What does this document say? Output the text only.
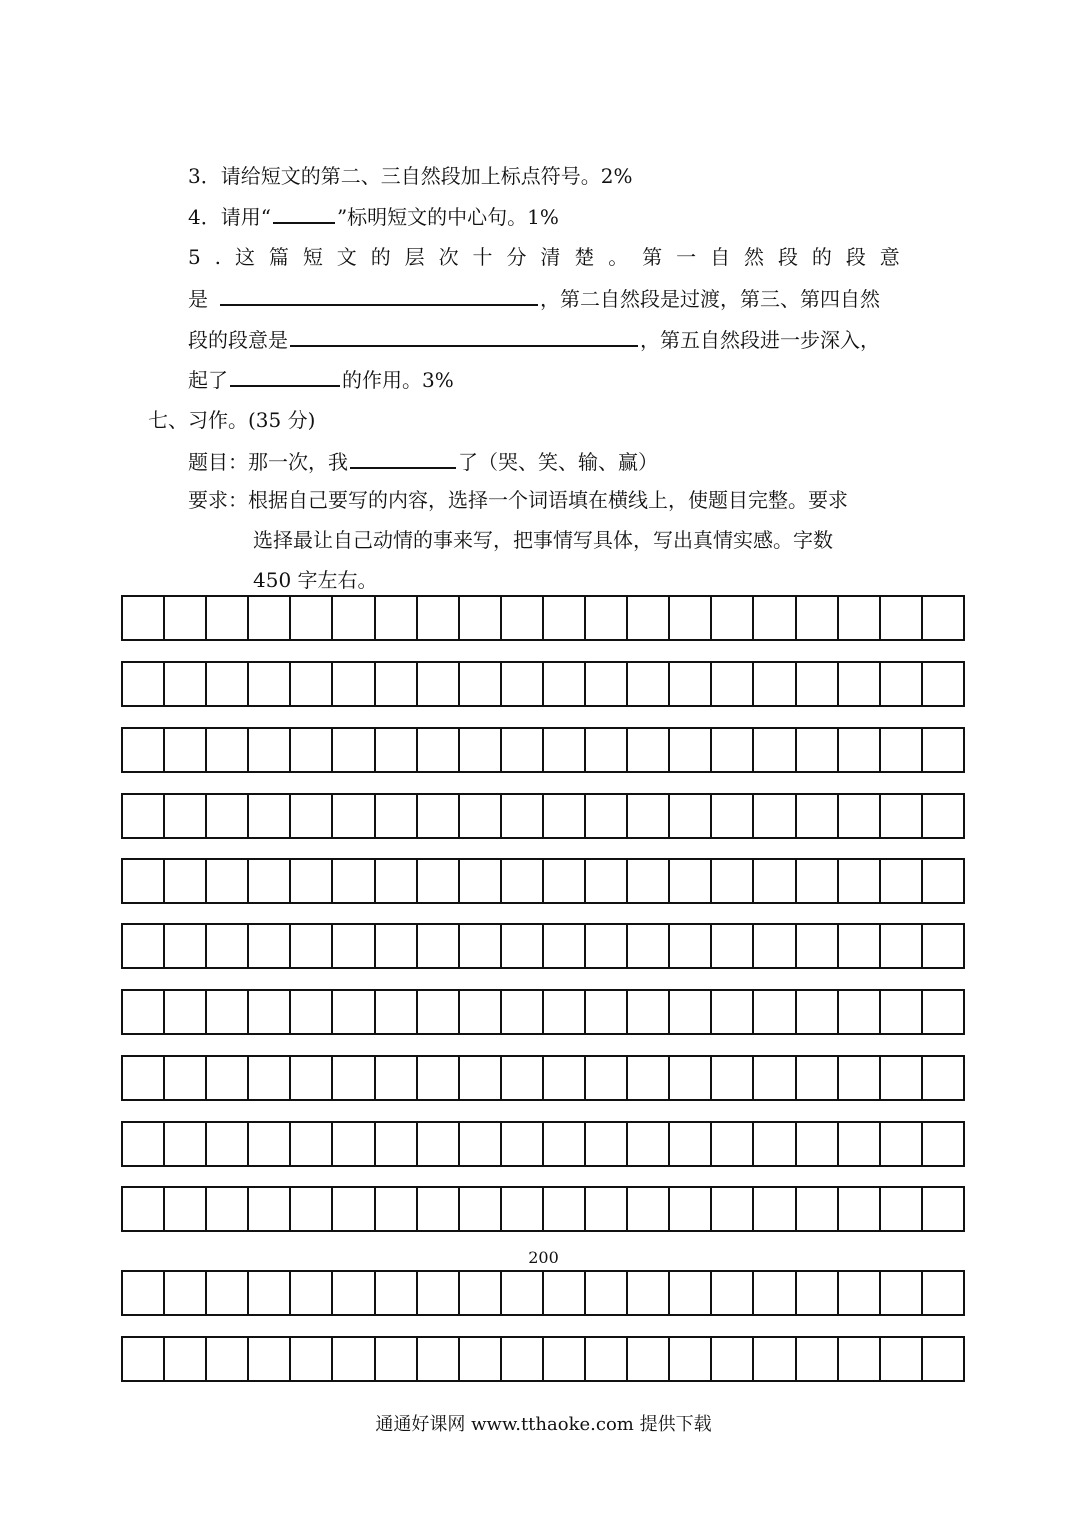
3．请给短文的第二、三自然段加上标点符号。2%
4．请用“	”标明短文的中心句。1%
5 . 这 篇 短 文 的 层 次 十 分 清 楚 。 第 一 自 然 段 的 段 意
是	，第二自然段是过渡，第三、第四自然
段的段意是	，第五自然段进一步深入，
起了	的作用。3%
七、习作。(35 分)
题目：那一次，我	了（哭、笑、输、赢）
要求：根据自己要写的内容，选择一个词语填在横线上，使题目完整。要求
选择最让自己动情的事来写，把事情写具体，写出真情实感。字数
450 字左右。
200
通通好课网 www.tthaoke.com 提供下载
